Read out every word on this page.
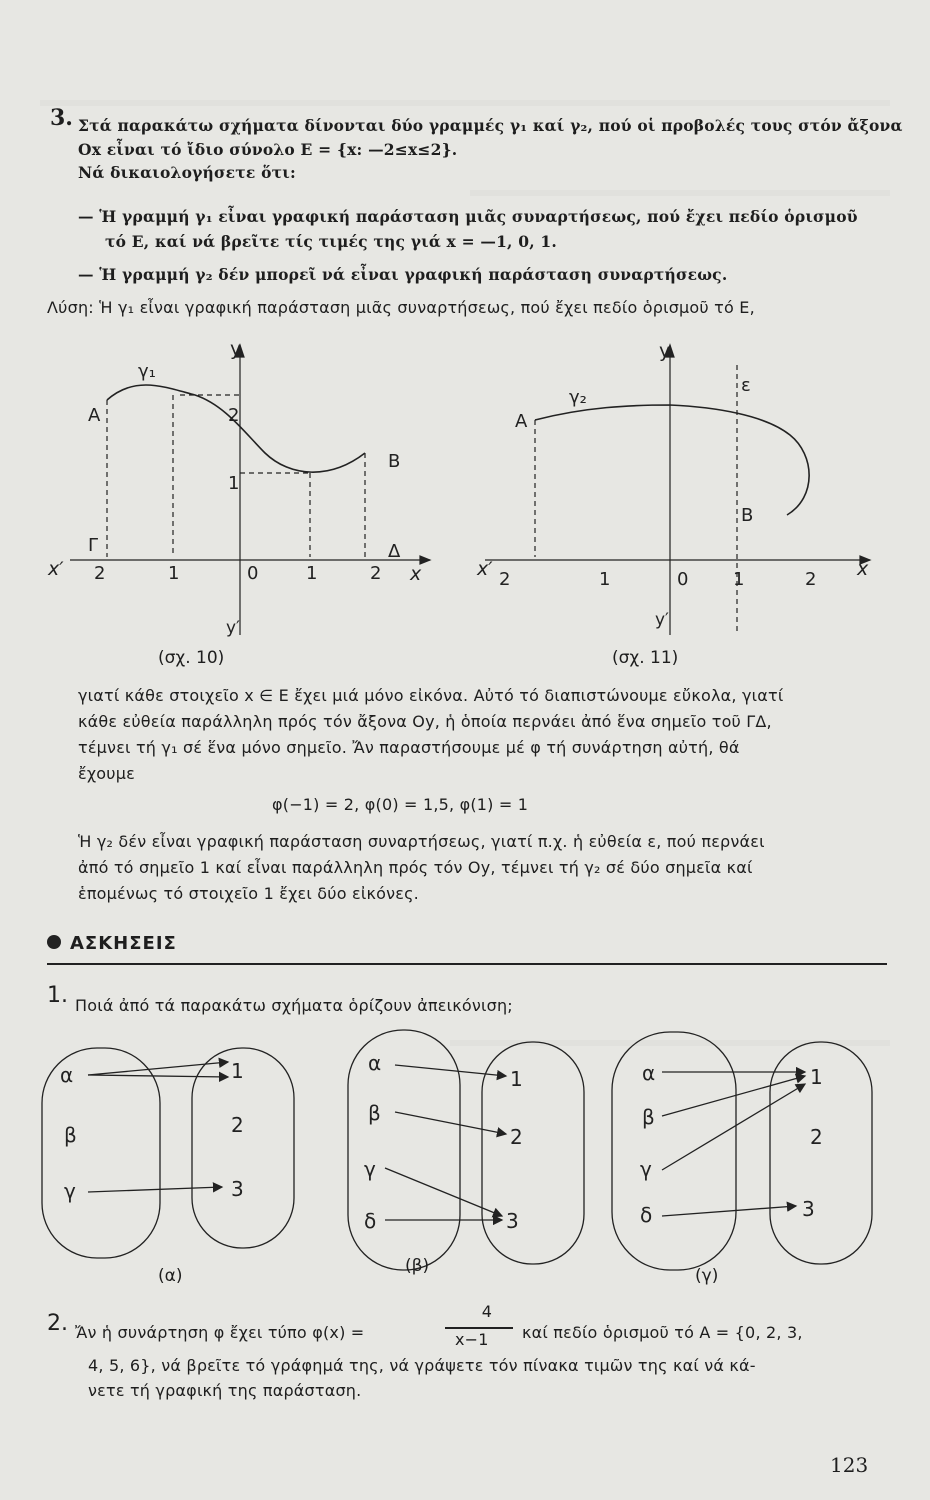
3. Στά παρακάτω σχήματα δίνονται δύο γραμμές γ₁ καί γ₂, πού οἱ προβολές τους στόν ἄξονα
Οx εἶναι τό ἴδιο σύνολο E = {x: —2≤x≤2}.
Νά δικαιολογήσετε ὅτι:
— Ἡ γραμμή γ₁ εἶναι γραφική παράσταση μιᾶς συναρτήσεως, πού ἔχει πεδίο ὁρισμοῦ
τό E, καί νά βρεῖτε τίς τιμές της γιά x = —1, 0, 1.
— Ἡ γραμμή γ₂ δέν μπορεῖ νά εἶναι γραφική παράσταση συναρτήσεως.
Λύση: Ἡ γ₁ εἶναι γραφική παράσταση μιᾶς συναρτήσεως, πού ἔχει πεδίο ὁρισμοῦ τό E,
y
y′
x
x′ 2	1	0	1	2
2
1
γ₁
A
B
Γ	Δ
(σχ. 10)
y
y′
x
x′ 2	1	0 1	2
γ₂
ε
A
B
(σχ. 11)
γιατί κάθε στοιχεῖο x ∈ E ἔχει μιά μόνο εἰκόνα. Αὐτό τό διαπιστώνουμε εὔκολα, γιατί
κάθε εὐθεία παράλληλη πρός τόν ἄξονα Oy, ἡ ὁποία περνάει ἀπό ἕνα σημεῖο τοῦ ΓΔ,
τέμνει τή γ₁ σέ ἕνα μόνο σημεῖο. Ἄν παραστήσουμε μέ φ τή συνάρτηση αὐτή, θά
ἔχουμε
φ(−1) = 2, φ(0) = 1,5, φ(1) = 1
Ἡ γ₂ δέν εἶναι γραφική παράσταση συναρτήσεως, γιατί π.χ. ἡ εὐθεία ε, πού περνάει
ἀπό τό σημεῖο 1 καί εἶναι παράλληλη πρός τόν Oy, τέμνει τή γ₂ σέ δύο σημεῖα καί
ἑπομένως τό στοιχεῖο 1 ἔχει δύο εἰκόνες.
ΑΣΚΗΣΕΙΣ
1. Ποιά ἀπό τά παρακάτω σχήματα ὁρίζουν ἀπεικόνιση;
α
β
γ
1
2
3
α
β
γ
δ
1
2
3
α
β
γ
δ
1
2
3
(α)	(β)	(γ)
2. Ἄν ἡ συνάρτηση φ ἔχει τύπο φ(x) =
4
x−1 καί πεδίο ὁρισμοῦ τό A = {0, 2, 3,
4, 5, 6}, νά βρεῖτε τό γράφημά της, νά γράψετε τόν πίνακα τιμῶν της καί νά κά-
νετε τή γραφική της παράσταση.
123
